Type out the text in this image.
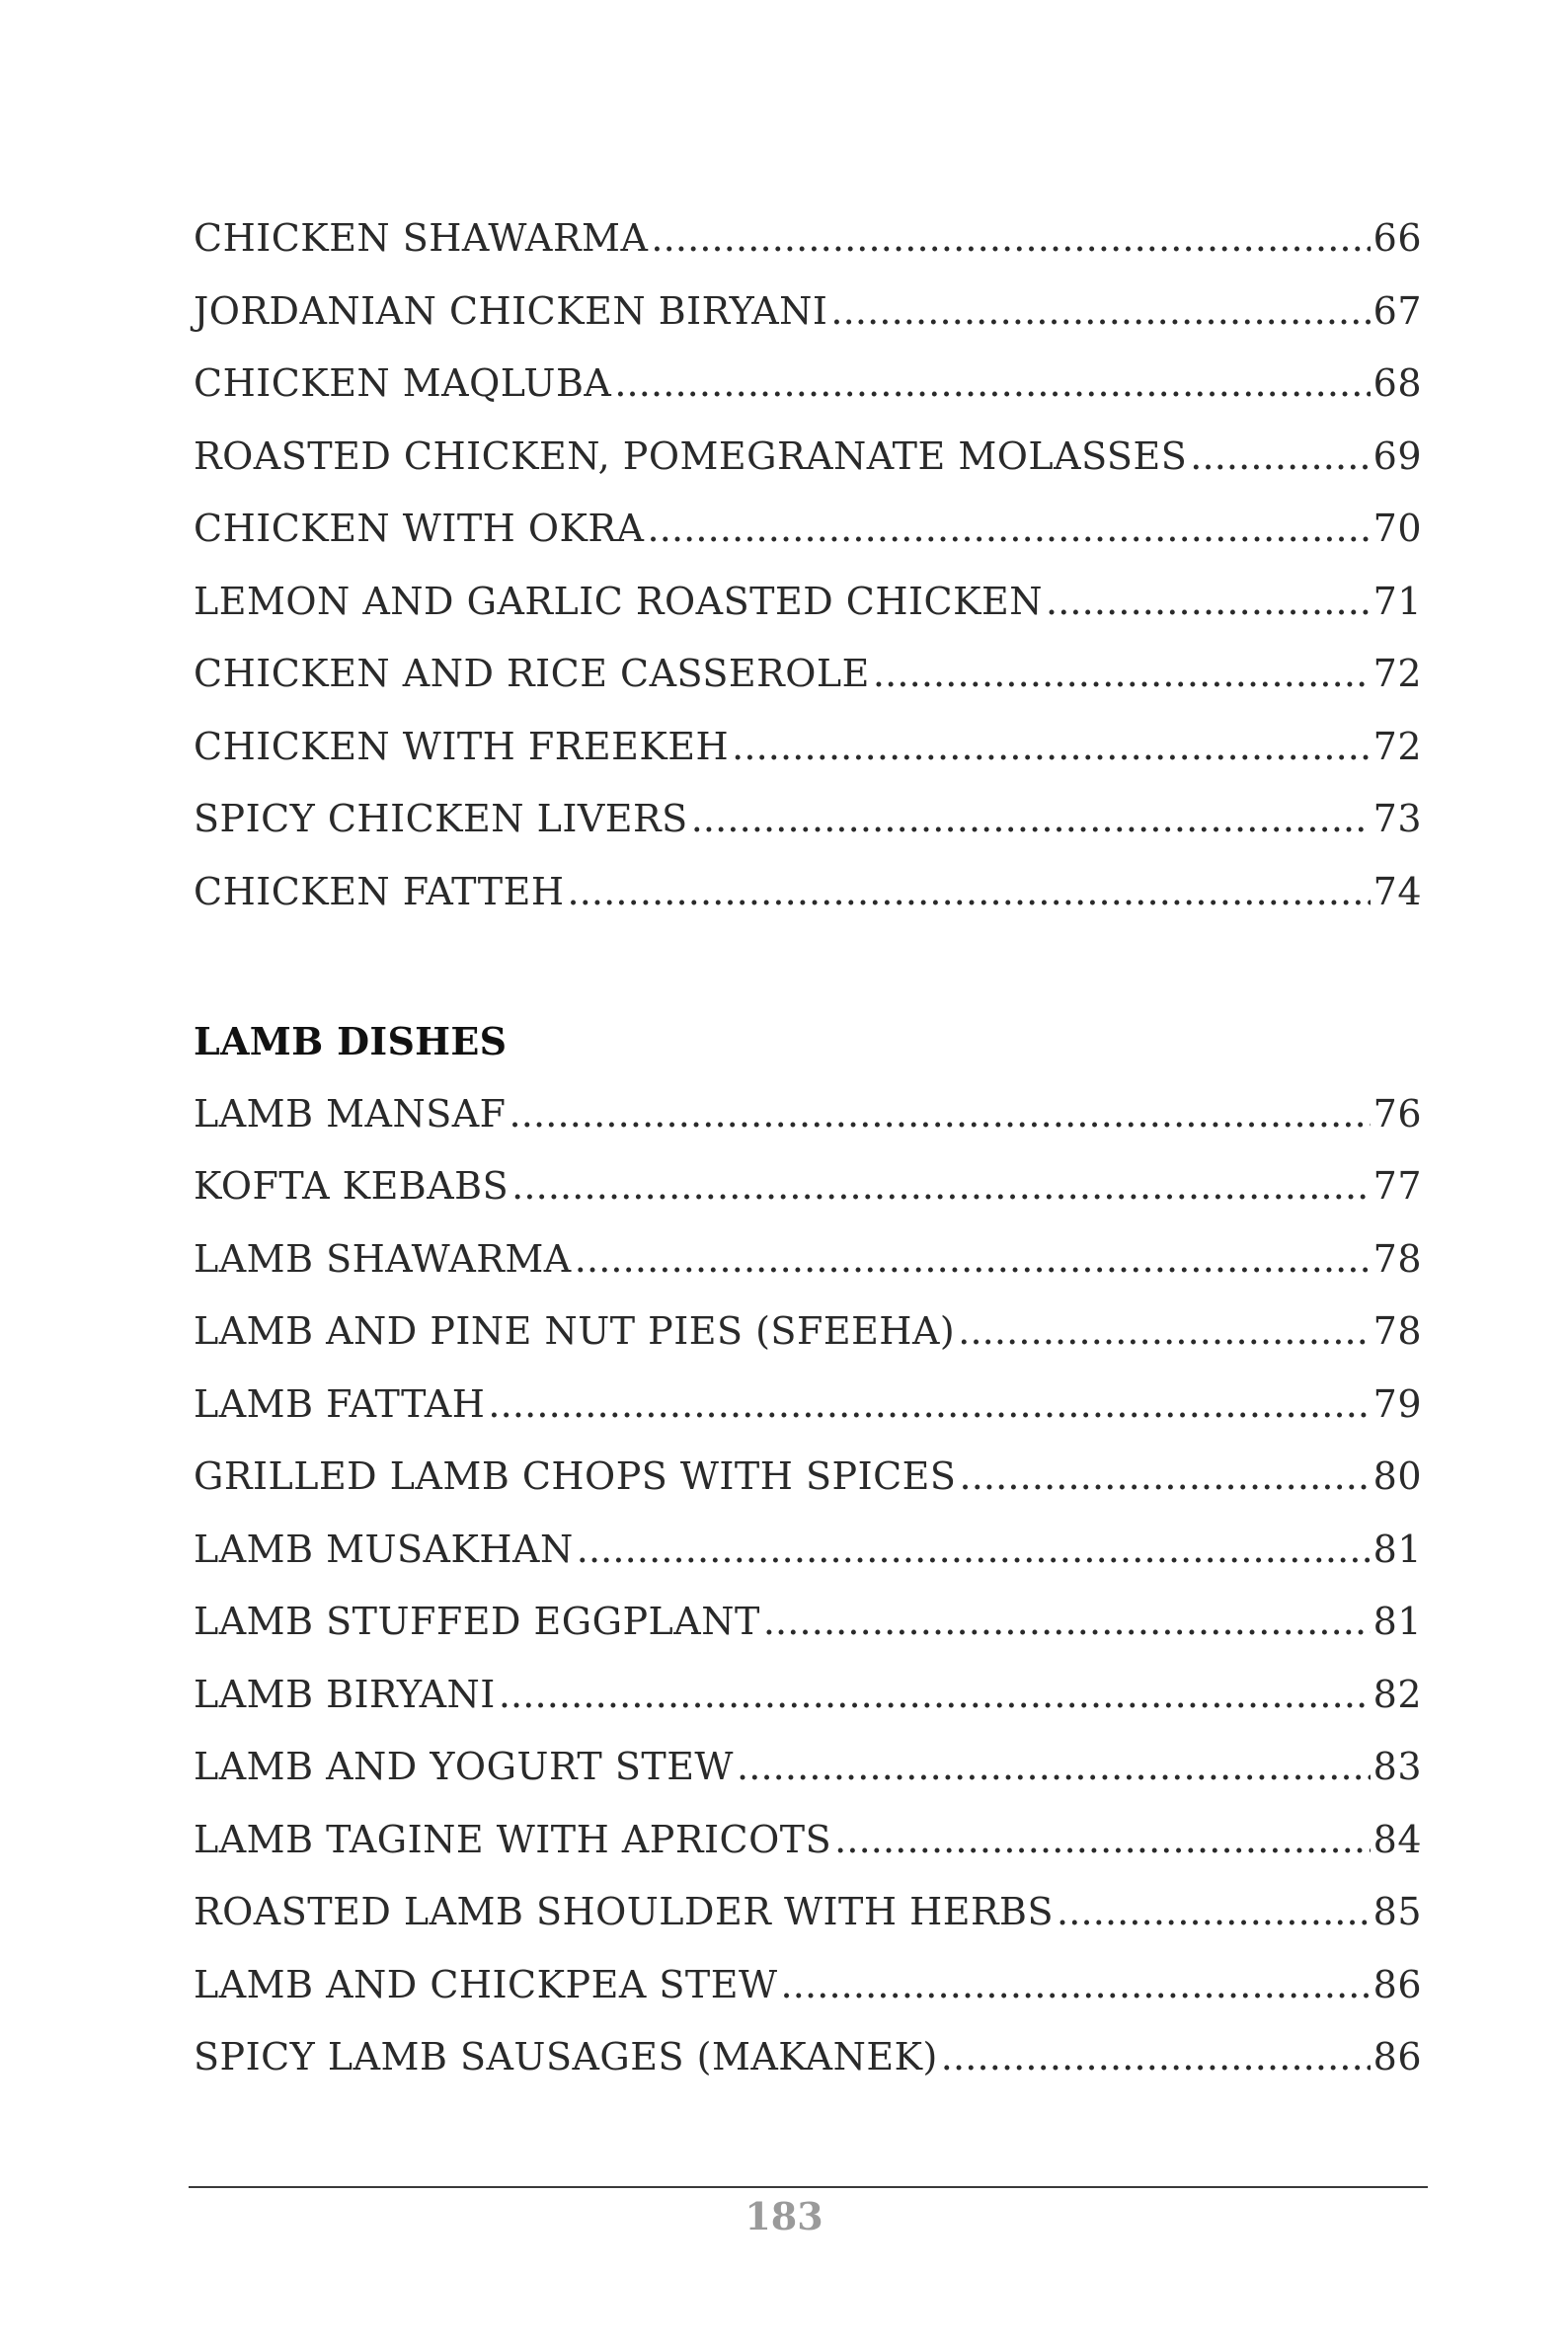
CHICKEN SHAWARMA .....	66
JORDANIAN CHICKEN BIRYANI .....	67
CHICKEN MAQLUBA .....	68
ROASTED CHICKEN, POMEGRANATE MOLASSES .....	69
CHICKEN WITH OKRA .....	70
LEMON AND GARLIC ROASTED CHICKEN .....	71
CHICKEN AND RICE CASSEROLE .....	72
CHICKEN WITH FREEKEH .....	72
SPICY CHICKEN LIVERS .....	73
CHICKEN FATTEH .....	74
LAMB DISHES
LAMB MANSAF .....	76
KOFTA KEBABS .....	77
LAMB SHAWARMA .....	78
LAMB AND PINE NUT PIES (SFEEHA) .....	78
LAMB FATTAH .....	79
GRILLED LAMB CHOPS WITH SPICES .....	80
LAMB MUSAKHAN .....	81
LAMB STUFFED EGGPLANT .....	81
LAMB BIRYANI .....	82
LAMB AND YOGURT STEW .....	83
LAMB TAGINE WITH APRICOTS .....	84
ROASTED LAMB SHOULDER WITH HERBS .....	85
LAMB AND CHICKPEA STEW .....	86
SPICY LAMB SAUSAGES (MAKANEK) .....	86
183
